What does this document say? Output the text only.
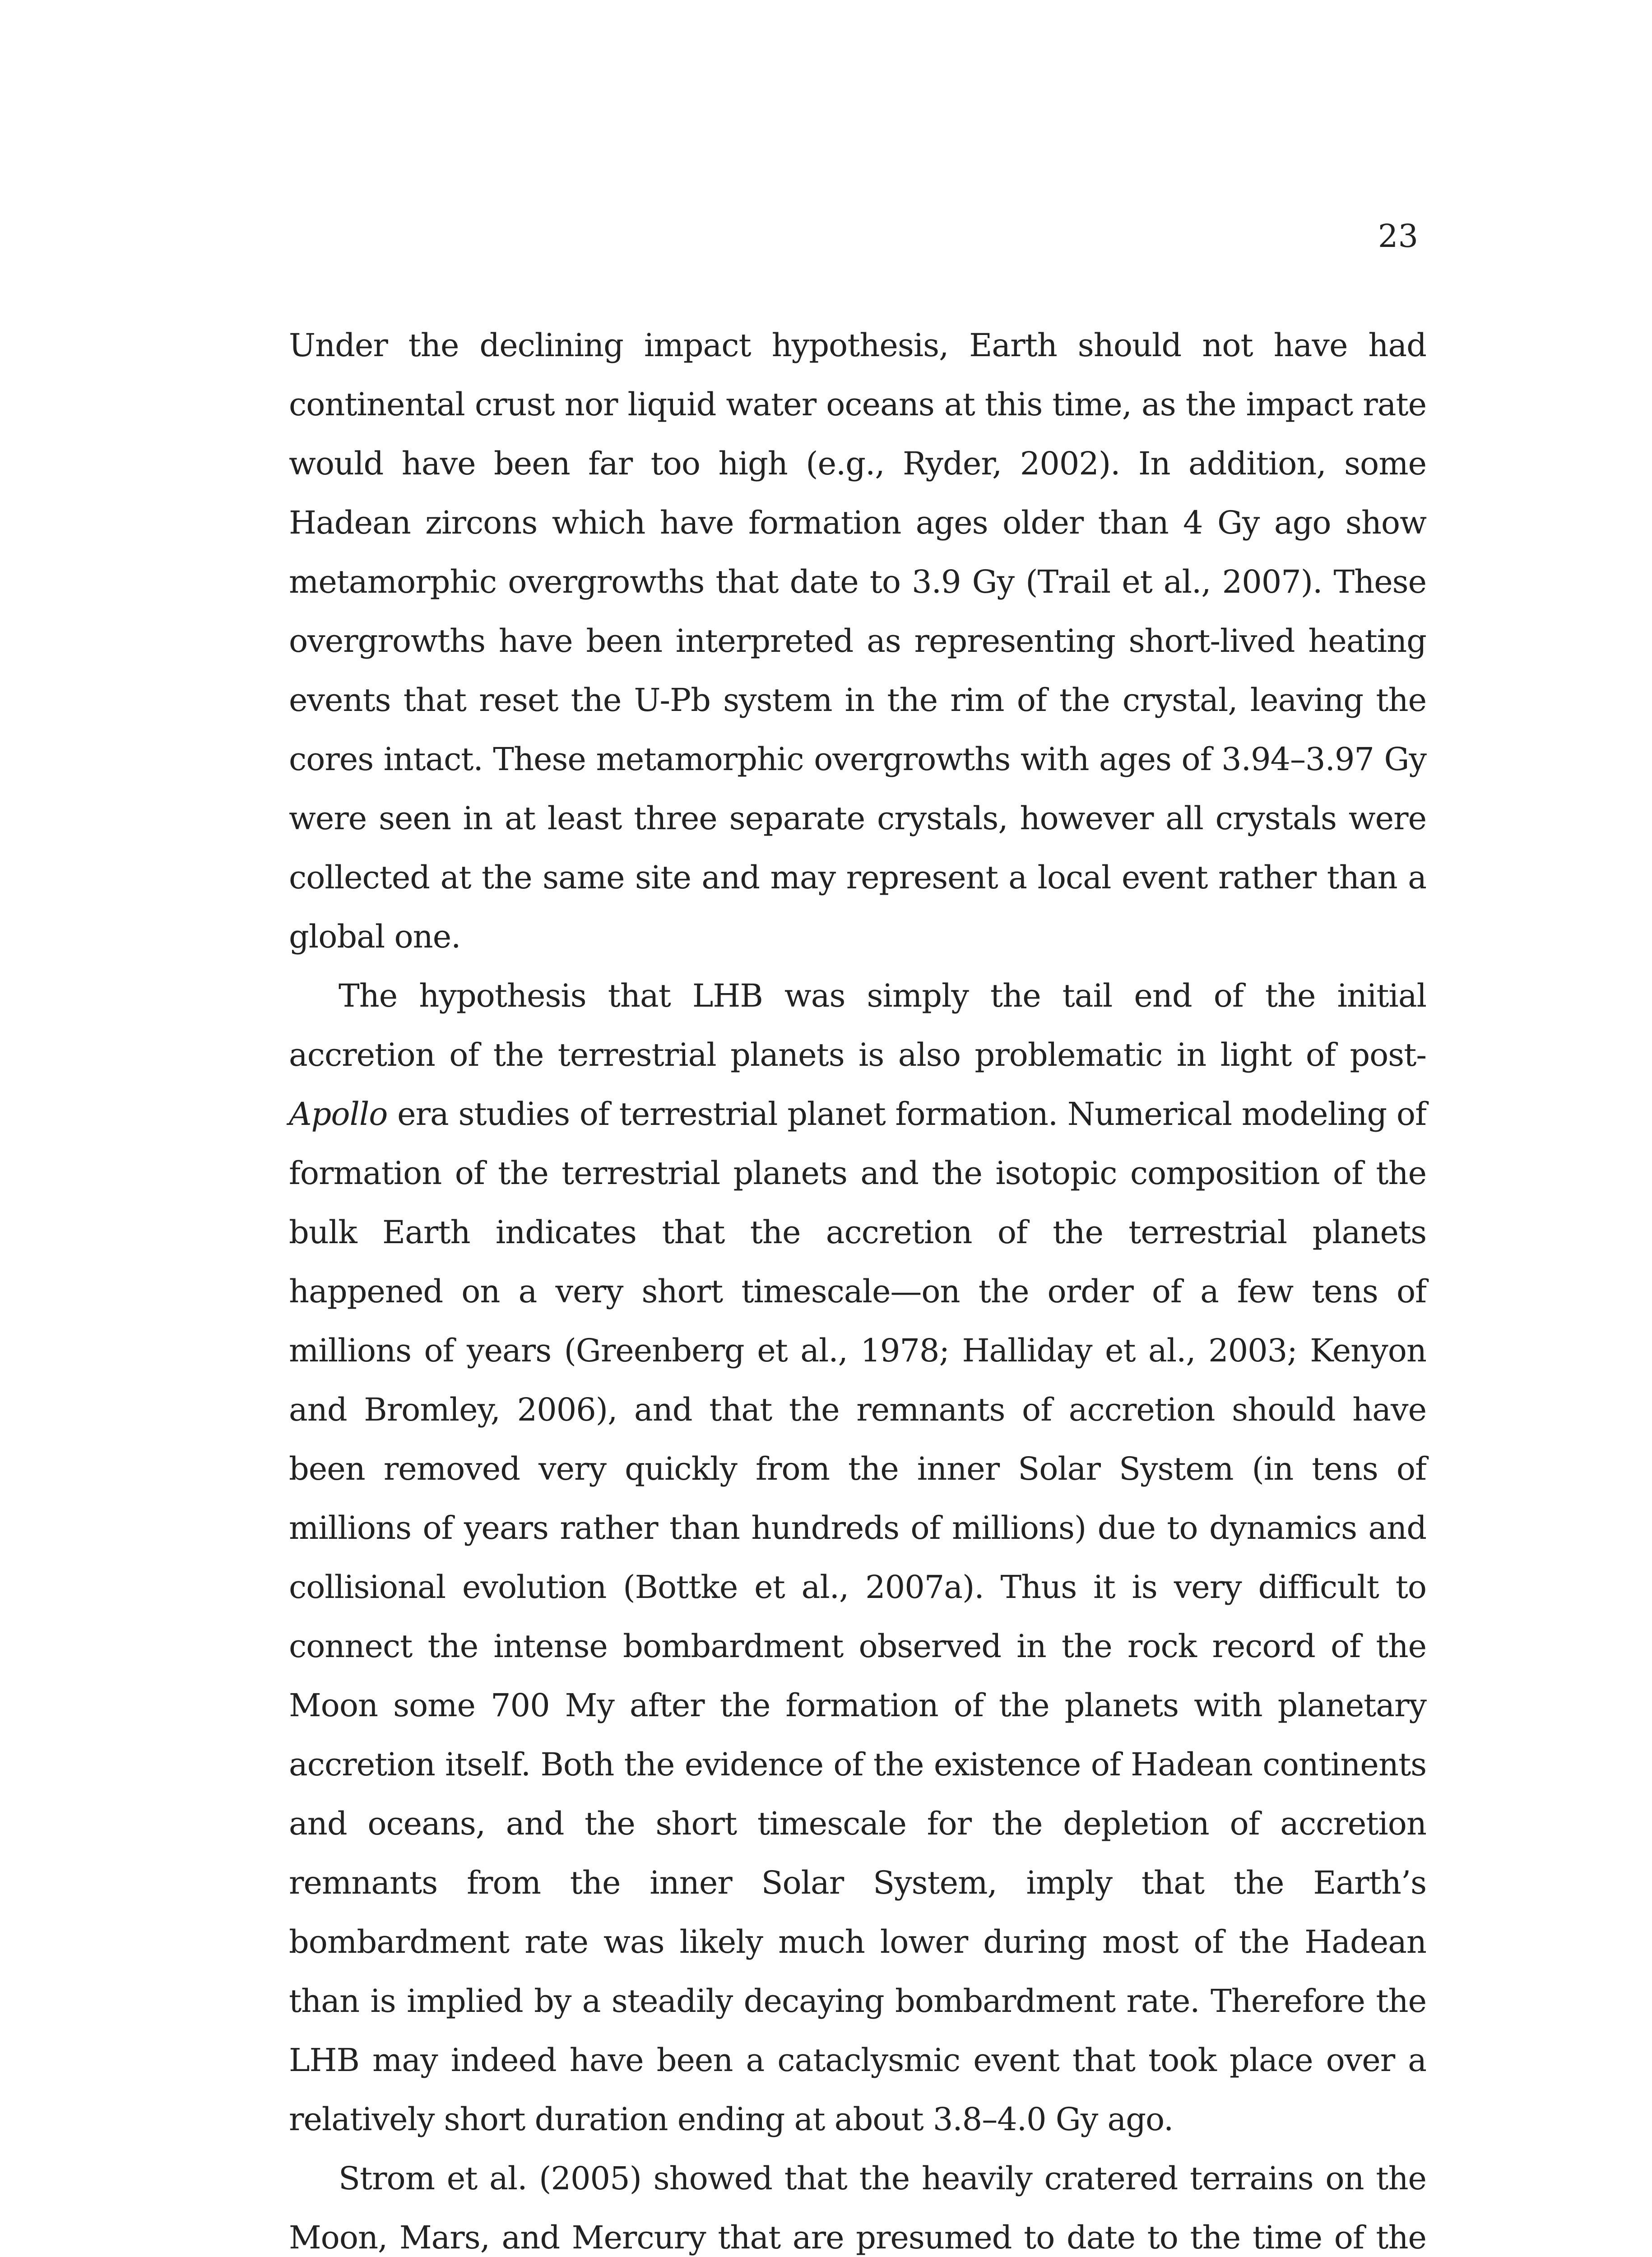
23

Under the declining impact hypothesis, Earth should not have had continental crust nor liquid water oceans at this time, as the impact rate would have been far too high (e.g., Ryder, 2002). In addition, some Hadean zircons which have formation ages older than 4 Gy ago show metamorphic overgrowths that date to 3.9 Gy (Trail et al., 2007). These overgrowths have been interpreted as representing short-lived heating events that reset the U-Pb system in the rim of the crystal, leaving the cores intact. These metamorphic overgrowths with ages of 3.94–3.97 Gy were seen in at least three separate crystals, however all crystals were collected at the same site and may represent a local event rather than a global one.

The hypothesis that LHB was simply the tail end of the initial accretion of the terrestrial planets is also problematic in light of post-Apollo era studies of terrestrial planet formation. Numerical modeling of formation of the terrestrial planets and the isotopic composition of the bulk Earth indicates that the accretion of the terrestrial planets happened on a very short timescale—on the order of a few tens of millions of years (Greenberg et al., 1978; Halliday et al., 2003; Kenyon and Bromley, 2006), and that the remnants of accretion should have been removed very quickly from the inner Solar System (in tens of millions of years rather than hundreds of millions) due to dynamics and collisional evolution (Bottke et al., 2007a). Thus it is very difficult to connect the intense bombardment observed in the rock record of the Moon some 700 My after the formation of the planets with planetary accretion itself. Both the evidence of the existence of Hadean continents and oceans, and the short timescale for the depletion of accretion remnants from the inner Solar System, imply that the Earth’s bombardment rate was likely much lower during most of the Hadean than is implied by a steadily decaying bombardment rate. Therefore the LHB may indeed have been a cataclysmic event that took place over a relatively short duration ending at about 3.8–4.0 Gy ago.

Strom et al. (2005) showed that the heavily cratered terrains on the Moon, Mars, and Mercury that are presumed to date to the time of the
